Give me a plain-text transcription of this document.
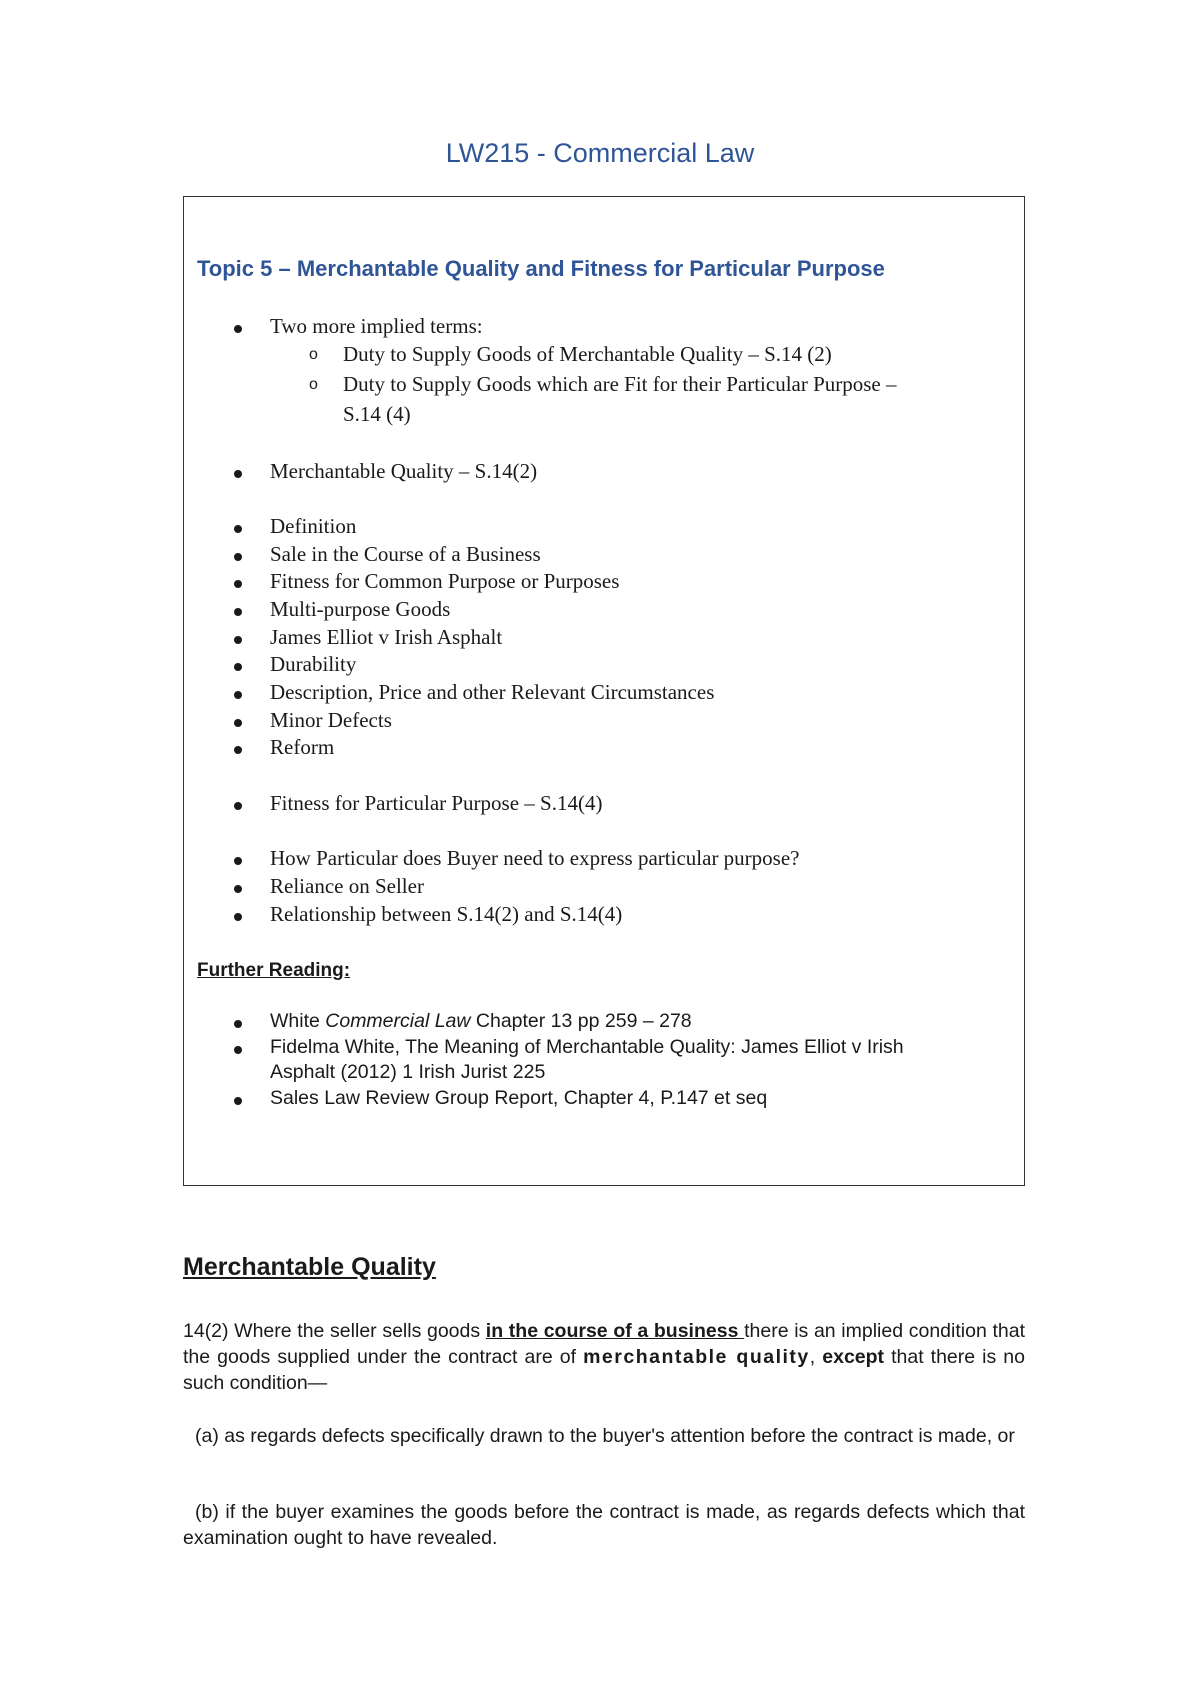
LW215 - Commercial Law
Topic 5 – Merchantable Quality and Fitness for Particular Purpose
Two more implied terms:
o Duty to Supply Goods of Merchantable Quality – S.14 (2)
o Duty to Supply Goods which are Fit for their Particular Purpose –
S.14 (4)
Merchantable Quality – S.14(2)
Definition
Sale in the Course of a Business
Fitness for Common Purpose or Purposes
Multi-purpose Goods
James Elliot v Irish Asphalt
Durability
Description, Price and other Relevant Circumstances
Minor Defects
Reform
Fitness for Particular Purpose – S.14(4)
How Particular does Buyer need to express particular purpose?
Reliance on Seller
Relationship between S.14(2) and S.14(4)
Further Reading:
White Commercial Law Chapter 13 pp 259 – 278
Fidelma White, The Meaning of Merchantable Quality: James Elliot v Irish
Asphalt (2012) 1 Irish Jurist 225
Sales Law Review Group Report, Chapter 4, P.147 et seq
Merchantable Quality
14(2) Where the seller sells goods in the course of a business there is an implied condition that the goods supplied under the contract are of merchantable quality, except that there is no such condition—
(a) as regards defects specifically drawn to the buyer's attention before the contract is made, or
(b) if the buyer examines the goods before the contract is made, as regards defects which that examination ought to have revealed.
